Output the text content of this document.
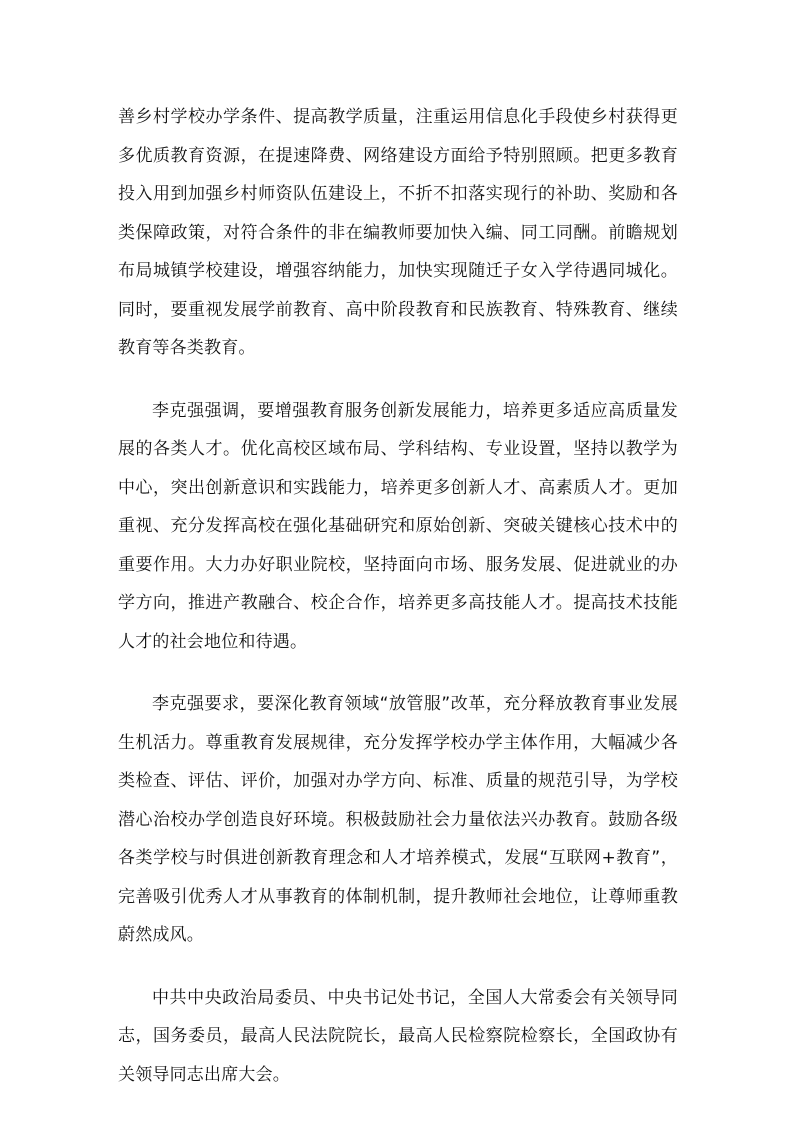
善乡村学校办学条件、提高教学质量，注重运用信息化手段使乡村获得更多优质教育资源，在提速降费、网络建设方面给予特别照顾。把更多教育投入用到加强乡村师资队伍建设上，不折不扣落实现行的补助、奖励和各类保障政策，对符合条件的非在编教师要加快入编、同工同酬。前瞻规划布局城镇学校建设，增强容纳能力，加快实现随迁子女入学待遇同城化。同时，要重视发展学前教育、高中阶段教育和民族教育、特殊教育、继续教育等各类教育。

李克强强调，要增强教育服务创新发展能力，培养更多适应高质量发展的各类人才。优化高校区域布局、学科结构、专业设置，坚持以教学为中心，突出创新意识和实践能力，培养更多创新人才、高素质人才。更加重视、充分发挥高校在强化基础研究和原始创新、突破关键核心技术中的重要作用。大力办好职业院校，坚持面向市场、服务发展、促进就业的办学方向，推进产教融合、校企合作，培养更多高技能人才。提高技术技能人才的社会地位和待遇。

李克强要求，要深化教育领域“放管服”改革，充分释放教育事业发展生机活力。尊重教育发展规律，充分发挥学校办学主体作用，大幅减少各类检查、评估、评价，加强对办学方向、标准、质量的规范引导，为学校潜心治校办学创造良好环境。积极鼓励社会力量依法兴办教育。鼓励各级各类学校与时俱进创新教育理念和人才培养模式，发展“互联网+教育”，完善吸引优秀人才从事教育的体制机制，提升教师社会地位，让尊师重教蔚然成风。

中共中央政治局委员、中央书记处书记，全国人大常委会有关领导同志，国务委员，最高人民法院院长，最高人民检察院检察长，全国政协有关领导同志出席大会。
